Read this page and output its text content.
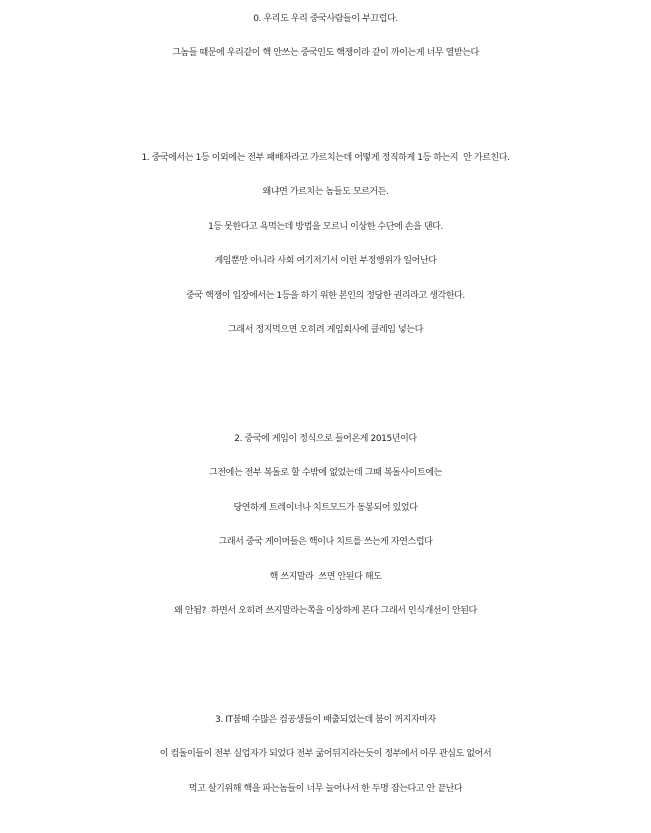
0. 우리도 우리 중국사람들이 부끄럽다.
그놈들 때문에 우리같이 핵 안쓰는 중국인도 핵쟁이라 같이 까이는게 너무 열받는다
1. 중국에서는 1등 이외에는 전부 패배자라고 가르치는데 어떻게 정직하게 1등 하는지  안 가르친다.
왜냐면 가르치는 놈들도 모르거든.
1등 못한다고 욕먹는데 방법을 모르니 이상한 수단에 손을 댄다.
게임뿐만 아니라 사회 여기저기서 이런 부정행위가 일어난다
중국 핵쟁이 입장에서는 1등을 하기 위한 본인의 정당한 권리라고 생각한다.
그래서 정지먹으면 오히려 게임회사에 클레임 넣는다
2. 중국에 게임이 정식으로 들어온게 2015년이다
그전에는 전부 복돌로 할 수밖에 없었는데 그때 복돌사이트에는
당연하게 트레이너나 치트모드가 동봉되어 있었다
그래서 중국 게이머들은 핵이나 치트를 쓰는게 자연스럽다
핵 쓰지말라  쓰면 안된다 해도
왜 안됨?  하면서 오히려 쓰지말라는쪽을 이상하게 본다 그래서 인식개선이 안된다
3. IT붐때 수많은 컴공생들이 배출되었는데 붐이 꺼지자마자
이 컴돌이들이 전부 실업자가 되었다 전부 굶어뒤지라는듯이 정부에서 아무 관심도 없어서
먹고 살기위해 핵을 파는놈들이 너무 늘어나서 한 두명 잡는다고 안 끝난다
